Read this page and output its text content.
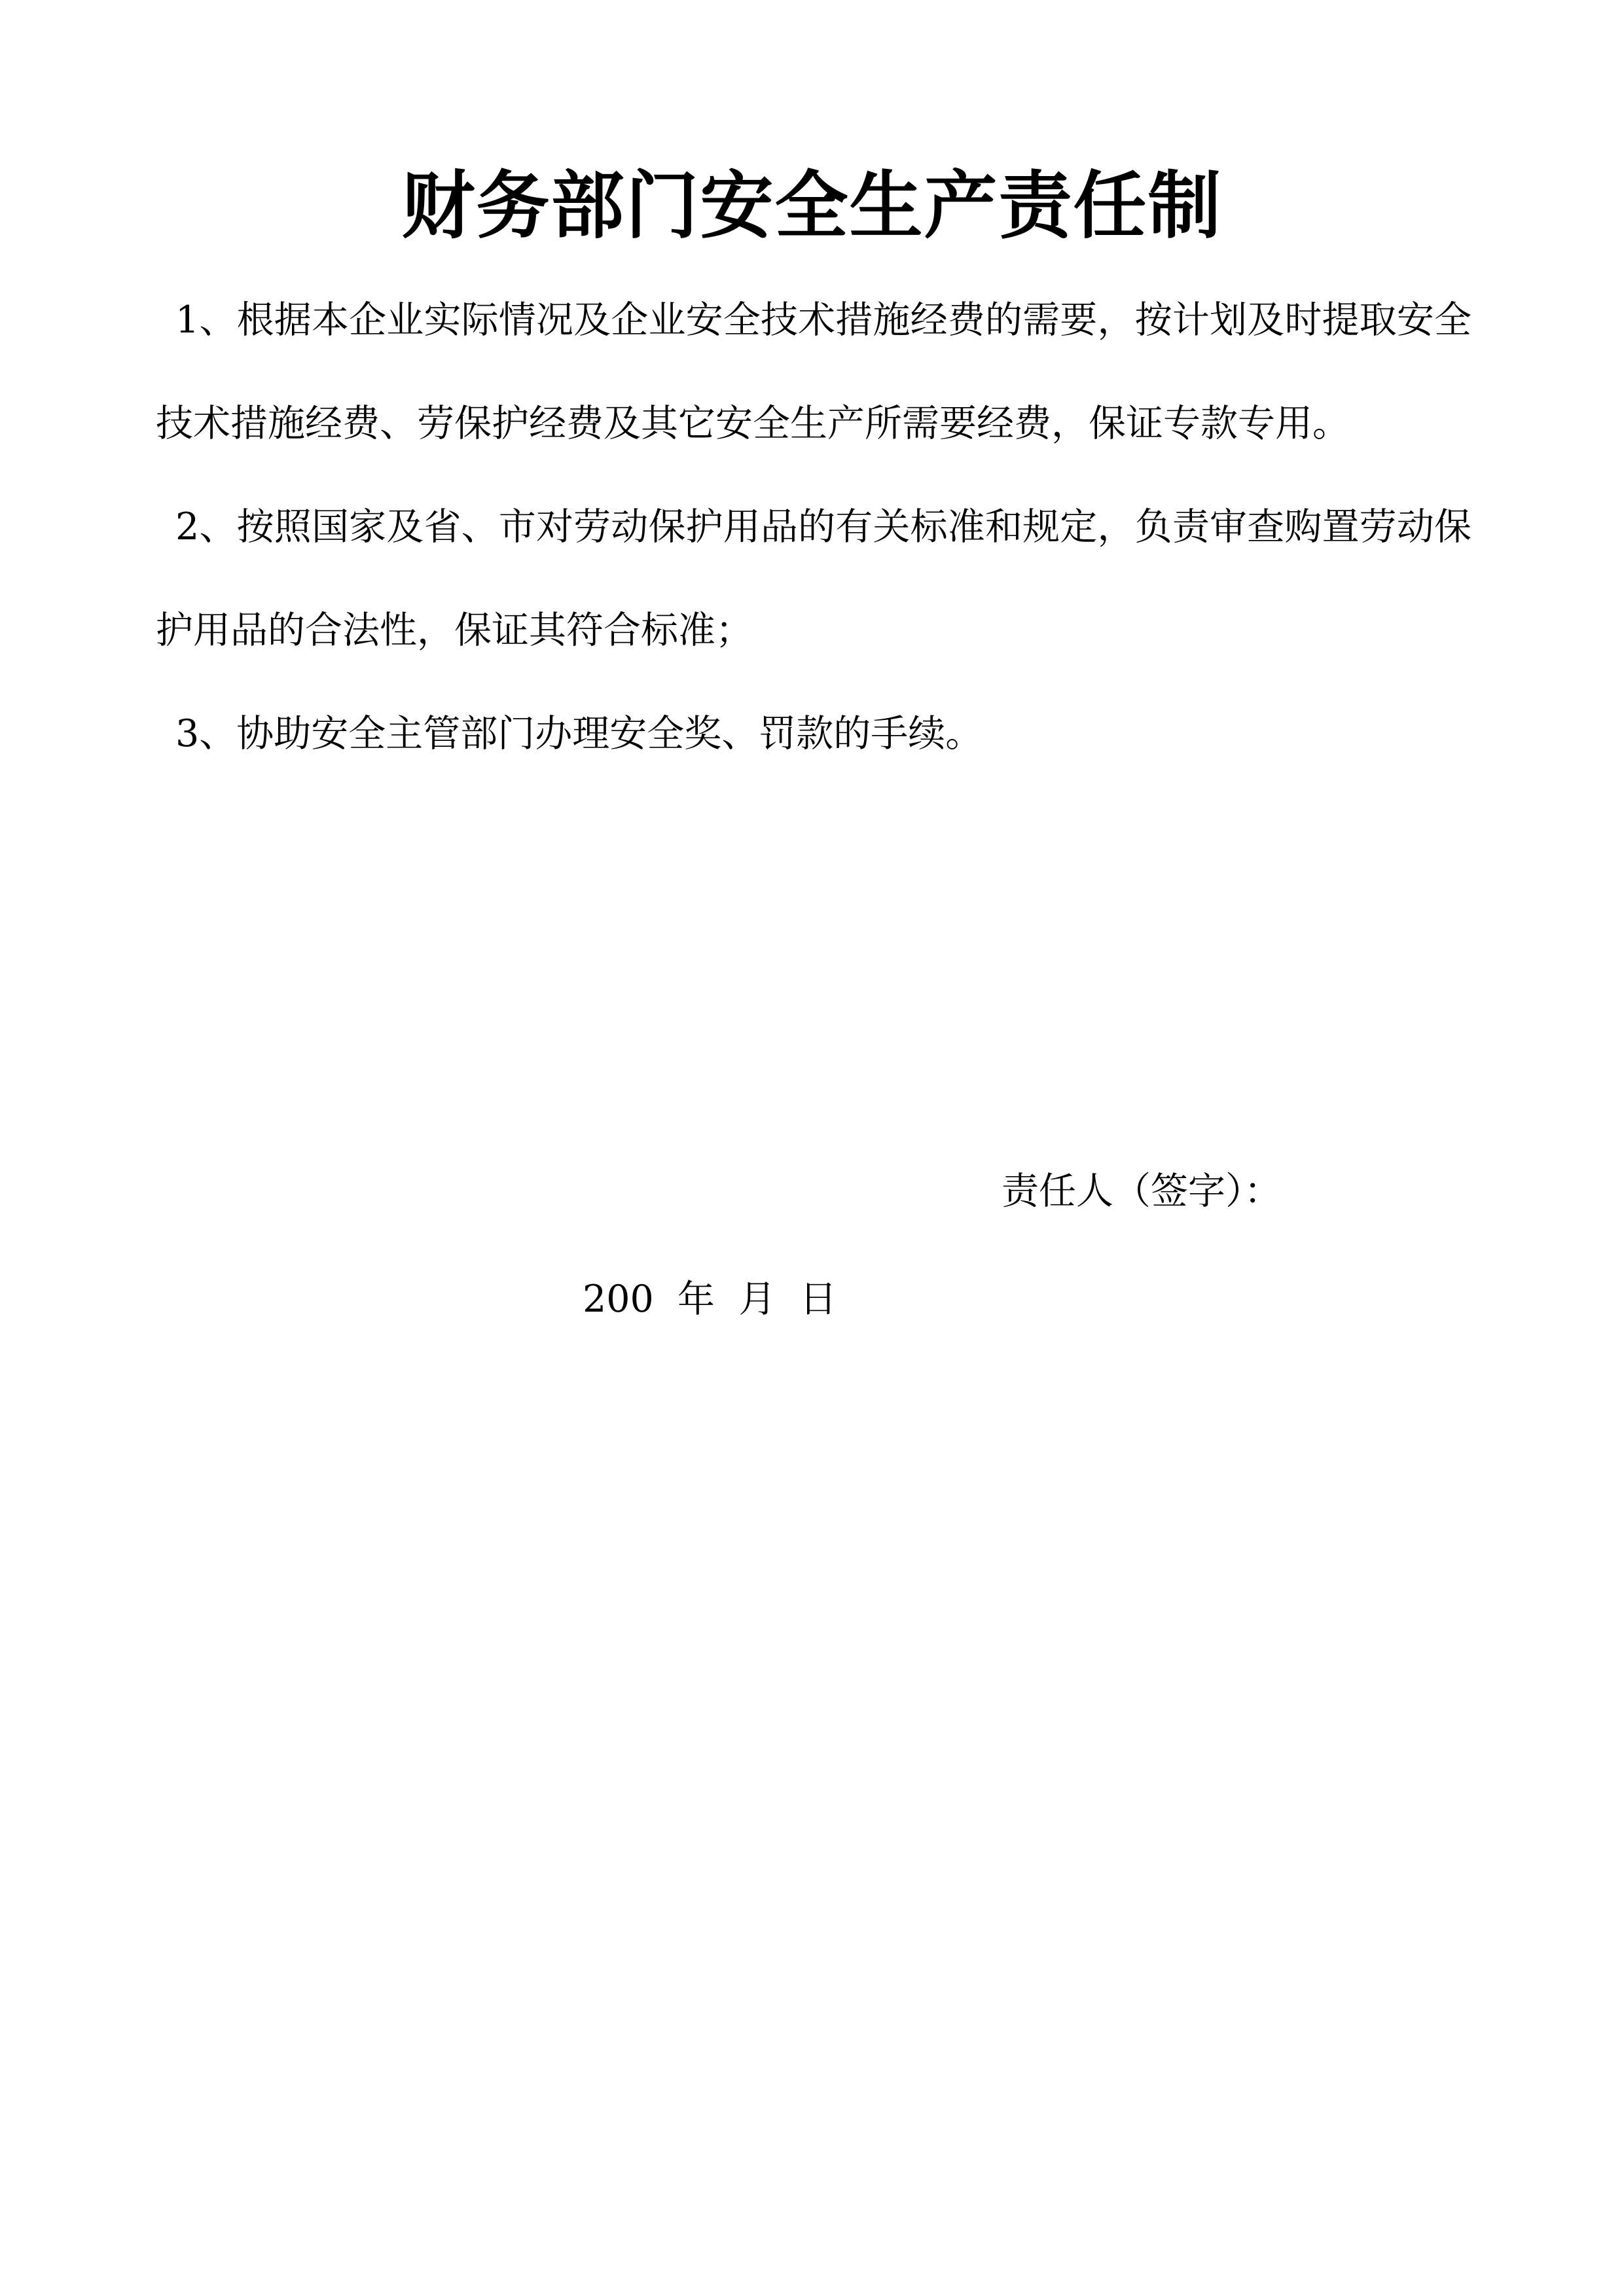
财务部门安全生产责任制

1、根据本企业实际情况及企业安全技术措施经费的需要，按计划及时提取安全技术措施经费、劳保护经费及其它安全生产所需要经费，保证专款专用。

2、按照国家及省、市对劳动保护用品的有关标准和规定，负责审查购置劳动保护用品的合法性，保证其符合标准；

3、协助安全主管部门办理安全奖、罚款的手续。

责任人（签字）：
200  年  月  日
